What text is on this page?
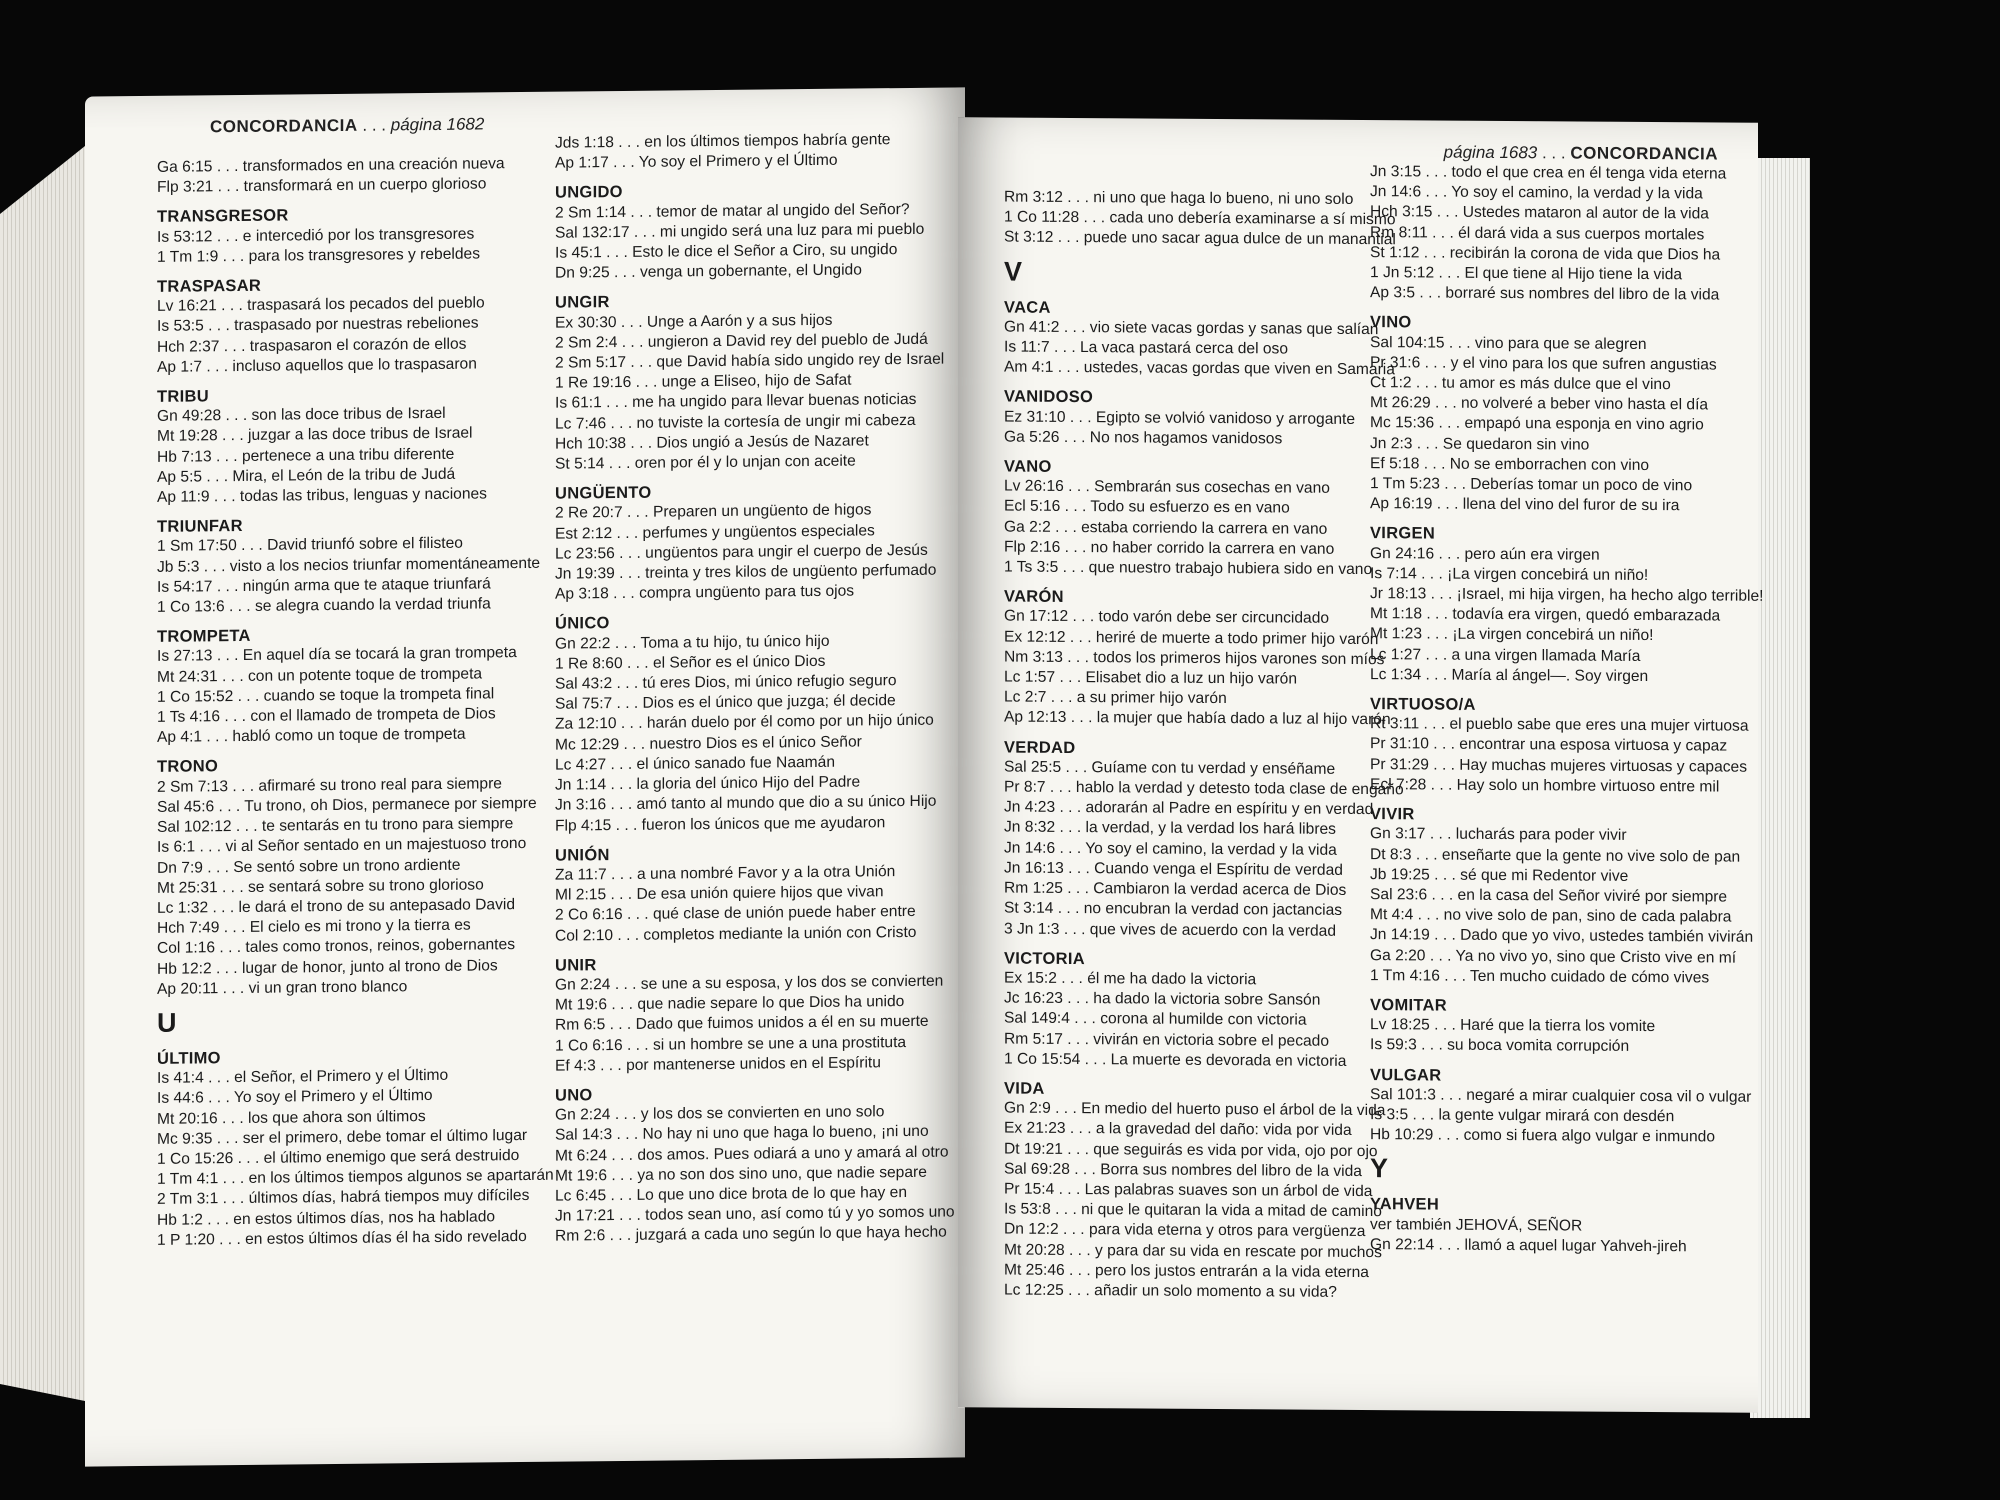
CONCORDANCIA . . . página 1682
Ga 6:15 . . . transformados en una creación nueva
Flp 3:21 . . . transformará en un cuerpo glorioso
TRANSGRESOR
Is 53:12 . . . e intercedió por los transgresores
1 Tm 1:9 . . . para los transgresores y rebeldes
TRASPASAR
Lv 16:21 . . . traspasará los pecados del pueblo
Is 53:5 . . . traspasado por nuestras rebeliones
Hch 2:37 . . . traspasaron el corazón de ellos
Ap 1:7 . . . incluso aquellos que lo traspasaron
TRIBU
Gn 49:28 . . . son las doce tribus de Israel
Mt 19:28 . . . juzgar a las doce tribus de Israel
Hb 7:13 . . . pertenece a una tribu diferente
Ap 5:5 . . . Mira, el León de la tribu de Judá
Ap 11:9 . . . todas las tribus, lenguas y naciones
TRIUNFAR
1 Sm 17:50 . . . David triunfó sobre el filisteo
Jb 5:3 . . . visto a los necios triunfar momentáneamente
Is 54:17 . . . ningún arma que te ataque triunfará
1 Co 13:6 . . . se alegra cuando la verdad triunfa
TROMPETA
Is 27:13 . . . En aquel día se tocará la gran trompeta
Mt 24:31 . . . con un potente toque de trompeta
1 Co 15:52 . . . cuando se toque la trompeta final
1 Ts 4:16 . . . con el llamado de trompeta de Dios
Ap 4:1 . . . habló como un toque de trompeta
TRONO
2 Sm 7:13 . . . afirmaré su trono real para siempre
Sal 45:6 . . . Tu trono, oh Dios, permanece por siempre
Sal 102:12 . . . te sentarás en tu trono para siempre
Is 6:1 . . . vi al Señor sentado en un majestuoso trono
Dn 7:9 . . . Se sentó sobre un trono ardiente
Mt 25:31 . . . se sentará sobre su trono glorioso
Lc 1:32 . . . le dará el trono de su antepasado David
Hch 7:49 . . . El cielo es mi trono y la tierra es
Col 1:16 . . . tales como tronos, reinos, gobernantes
Hb 12:2 . . . lugar de honor, junto al trono de Dios
Ap 20:11 . . . vi un gran trono blanco
U
ÚLTIMO
Is 41:4 . . . el Señor, el Primero y el Último
Is 44:6 . . . Yo soy el Primero y el Último
Mt 20:16 . . . los que ahora son últimos
Mc 9:35 . . . ser el primero, debe tomar el último lugar
1 Co 15:26 . . . el último enemigo que será destruido
1 Tm 4:1 . . . en los últimos tiempos algunos se apartarán
2 Tm 3:1 . . . últimos días, habrá tiempos muy difíciles
Hb 1:2 . . . en estos últimos días, nos ha hablado
1 P 1:20 . . . en estos últimos días él ha sido revelado
Jds 1:18 . . . en los últimos tiempos habría gente
Ap 1:17 . . . Yo soy el Primero y el Último
UNGIDO
2 Sm 1:14 . . . temor de matar al ungido del Señor?
Sal 132:17 . . . mi ungido será una luz para mi pueblo
Is 45:1 . . . Esto le dice el Señor a Ciro, su ungido
Dn 9:25 . . . venga un gobernante, el Ungido
UNGIR
Ex 30:30 . . . Unge a Aarón y a sus hijos
2 Sm 2:4 . . . ungieron a David rey del pueblo de Judá
2 Sm 5:17 . . . que David había sido ungido rey de Israel
1 Re 19:16 . . . unge a Eliseo, hijo de Safat
Is 61:1 . . . me ha ungido para llevar buenas noticias
Lc 7:46 . . . no tuviste la cortesía de ungir mi cabeza
Hch 10:38 . . . Dios ungió a Jesús de Nazaret
St 5:14 . . . oren por él y lo unjan con aceite
UNGÜENTO
2 Re 20:7 . . . Preparen un ungüento de higos
Est 2:12 . . . perfumes y ungüentos especiales
Lc 23:56 . . . ungüentos para ungir el cuerpo de Jesús
Jn 19:39 . . . treinta y tres kilos de ungüento perfumado
Ap 3:18 . . . compra ungüento para tus ojos
ÚNICO
Gn 22:2 . . . Toma a tu hijo, tu único hijo
1 Re 8:60 . . . el Señor es el único Dios
Sal 43:2 . . . tú eres Dios, mi único refugio seguro
Sal 75:7 . . . Dios es el único que juzga; él decide
Za 12:10 . . . harán duelo por él como por un hijo único
Mc 12:29 . . . nuestro Dios es el único Señor
Lc 4:27 . . . el único sanado fue Naamán
Jn 1:14 . . . la gloria del único Hijo del Padre
Jn 3:16 . . . amó tanto al mundo que dio a su único Hijo
Flp 4:15 . . . fueron los únicos que me ayudaron
UNIÓN
Za 11:7 . . . a una nombré Favor y a la otra Unión
Ml 2:15 . . . De esa unión quiere hijos que vivan
2 Co 6:16 . . . qué clase de unión puede haber entre
Col 2:10 . . . completos mediante la unión con Cristo
UNIR
Gn 2:24 . . . se une a su esposa, y los dos se convierten
Mt 19:6 . . . que nadie separe lo que Dios ha unido
Rm 6:5 . . . Dado que fuimos unidos a él en su muerte
1 Co 6:16 . . . si un hombre se une a una prostituta
Ef 4:3 . . . por mantenerse unidos en el Espíritu
UNO
Gn 2:24 . . . y los dos se convierten en uno solo
Sal 14:3 . . . No hay ni uno que haga lo bueno, ¡ni uno
Mt 6:24 . . . dos amos. Pues odiará a uno y amará al otro
Mt 19:6 . . . ya no son dos sino uno, que nadie separe
Lc 6:45 . . . Lo que uno dice brota de lo que hay en
Jn 17:21 . . . todos sean uno, así como tú y yo somos uno
Rm 2:6 . . . juzgará a cada uno según lo que haya hecho
página 1683 . . . CONCORDANCIA
Rm 3:12 . . . ni uno que haga lo bueno, ni uno solo
1 Co 11:28 . . . cada uno debería examinarse a sí mismo
St 3:12 . . . puede uno sacar agua dulce de un manantial
V
VACA
Gn 41:2 . . . vio siete vacas gordas y sanas que salían
Is 11:7 . . . La vaca pastará cerca del oso
Am 4:1 . . . ustedes, vacas gordas que viven en Samaria
VANIDOSO
Ez 31:10 . . . Egipto se volvió vanidoso y arrogante
Ga 5:26 . . . No nos hagamos vanidosos
VANO
Lv 26:16 . . . Sembrarán sus cosechas en vano
Ecl 5:16 . . . Todo su esfuerzo es en vano
Ga 2:2 . . . estaba corriendo la carrera en vano
Flp 2:16 . . . no haber corrido la carrera en vano
1 Ts 3:5 . . . que nuestro trabajo hubiera sido en vano
VARÓN
Gn 17:12 . . . todo varón debe ser circuncidado
Ex 12:12 . . . heriré de muerte a todo primer hijo varón
Nm 3:13 . . . todos los primeros hijos varones son míos
Lc 1:57 . . . Elisabet dio a luz un hijo varón
Lc 2:7 . . . a su primer hijo varón
Ap 12:13 . . . la mujer que había dado a luz al hijo varón
VERDAD
Sal 25:5 . . . Guíame con tu verdad y enséñame
Pr 8:7 . . . hablo la verdad y detesto toda clase de engaño
Jn 4:23 . . . adorarán al Padre en espíritu y en verdad
Jn 8:32 . . . la verdad, y la verdad los hará libres
Jn 14:6 . . . Yo soy el camino, la verdad y la vida
Jn 16:13 . . . Cuando venga el Espíritu de verdad
Rm 1:25 . . . Cambiaron la verdad acerca de Dios
St 3:14 . . . no encubran la verdad con jactancias
3 Jn 1:3 . . . que vives de acuerdo con la verdad
VICTORIA
Ex 15:2 . . . él me ha dado la victoria
Jc 16:23 . . . ha dado la victoria sobre Sansón
Sal 149:4 . . . corona al humilde con victoria
Rm 5:17 . . . vivirán en victoria sobre el pecado
1 Co 15:54 . . . La muerte es devorada en victoria
VIDA
Gn 2:9 . . . En medio del huerto puso el árbol de la vida
Ex 21:23 . . . a la gravedad del daño: vida por vida
Dt 19:21 . . . que seguirás es vida por vida, ojo por ojo
Sal 69:28 . . . Borra sus nombres del libro de la vida
Pr 15:4 . . . Las palabras suaves son un árbol de vida
Is 53:8 . . . ni que le quitaran la vida a mitad de camino
Dn 12:2 . . . para vida eterna y otros para vergüenza
Mt 20:28 . . . y para dar su vida en rescate por muchos
Mt 25:46 . . . pero los justos entrarán a la vida eterna
Lc 12:25 . . . añadir un solo momento a su vida?
Jn 3:15 . . . todo el que crea en él tenga vida eterna
Jn 14:6 . . . Yo soy el camino, la verdad y la vida
Hch 3:15 . . . Ustedes mataron al autor de la vida
Rm 8:11 . . . él dará vida a sus cuerpos mortales
St 1:12 . . . recibirán la corona de vida que Dios ha
1 Jn 5:12 . . . El que tiene al Hijo tiene la vida
Ap 3:5 . . . borraré sus nombres del libro de la vida
VINO
Sal 104:15 . . . vino para que se alegren
Pr 31:6 . . . y el vino para los que sufren angustias
Ct 1:2 . . . tu amor es más dulce que el vino
Mt 26:29 . . . no volveré a beber vino hasta el día
Mc 15:36 . . . empapó una esponja en vino agrio
Jn 2:3 . . . Se quedaron sin vino
Ef 5:18 . . . No se emborrachen con vino
1 Tm 5:23 . . . Deberías tomar un poco de vino
Ap 16:19 . . . llena del vino del furor de su ira
VIRGEN
Gn 24:16 . . . pero aún era virgen
Is 7:14 . . . ¡La virgen concebirá un niño!
Jr 18:13 . . . ¡Israel, mi hija virgen, ha hecho algo terrible!
Mt 1:18 . . . todavía era virgen, quedó embarazada
Mt 1:23 . . . ¡La virgen concebirá un niño!
Lc 1:27 . . . a una virgen llamada María
Lc 1:34 . . . María al ángel—. Soy virgen
VIRTUOSO/A
Rt 3:11 . . . el pueblo sabe que eres una mujer virtuosa
Pr 31:10 . . . encontrar una esposa virtuosa y capaz
Pr 31:29 . . . Hay muchas mujeres virtuosas y capaces
Ecl 7:28 . . . Hay solo un hombre virtuoso entre mil
VIVIR
Gn 3:17 . . . lucharás para poder vivir
Dt 8:3 . . . enseñarte que la gente no vive solo de pan
Jb 19:25 . . . sé que mi Redentor vive
Sal 23:6 . . . en la casa del Señor viviré por siempre
Mt 4:4 . . . no vive solo de pan, sino de cada palabra
Jn 14:19 . . . Dado que yo vivo, ustedes también vivirán
Ga 2:20 . . . Ya no vivo yo, sino que Cristo vive en mí
1 Tm 4:16 . . . Ten mucho cuidado de cómo vives
VOMITAR
Lv 18:25 . . . Haré que la tierra los vomite
Is 59:3 . . . su boca vomita corrupción
VULGAR
Sal 101:3 . . . negaré a mirar cualquier cosa vil o vulgar
Is 3:5 . . . la gente vulgar mirará con desdén
Hb 10:29 . . . como si fuera algo vulgar e inmundo
Y
YAHVEH
ver también JEHOVÁ, SEÑOR
Gn 22:14 . . . llamó a aquel lugar Yahveh-jireh
